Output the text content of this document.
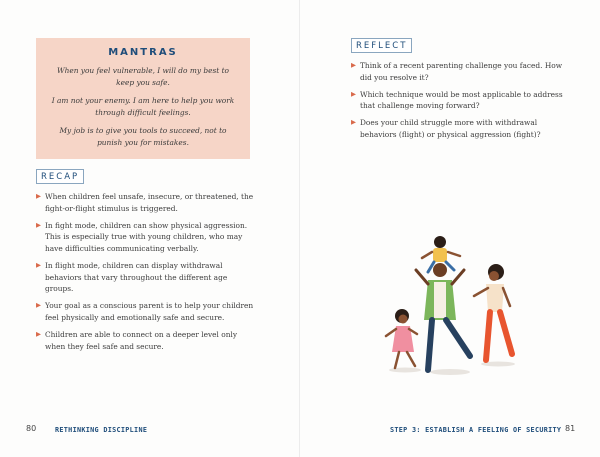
MANTRAS

When you feel vulnerable, I will do my best to keep you safe.

I am not your enemy. I am here to help you work through difficult feelings.

My job is to give you tools to succeed, not to punish you for mistakes.

RECAP
▶ When children feel unsafe, insecure, or threatened, the fight-or-flight stimulus is triggered.
▶ In fight mode, children can show physical aggression. This is especially true with young children, who may have difficulties communicating verbally.
▶ In flight mode, children can display withdrawal behaviors that vary throughout the different age groups.
▶ Your goal as a conscious parent is to help your children feel physically and emotionally safe and secure.
▶ Children are able to connect on a deeper level only when they feel safe and secure.
80	RETHINKING DISCIPLINE
REFLECT
▶ Think of a recent parenting challenge you faced. How did you resolve it?
▶ Which technique would be most applicable to address that challenge moving forward?
▶ Does your child struggle more with withdrawal behaviors (flight) or physical aggression (fight)?
STEP 3: ESTABLISH A FEELING OF SECURITY 81
